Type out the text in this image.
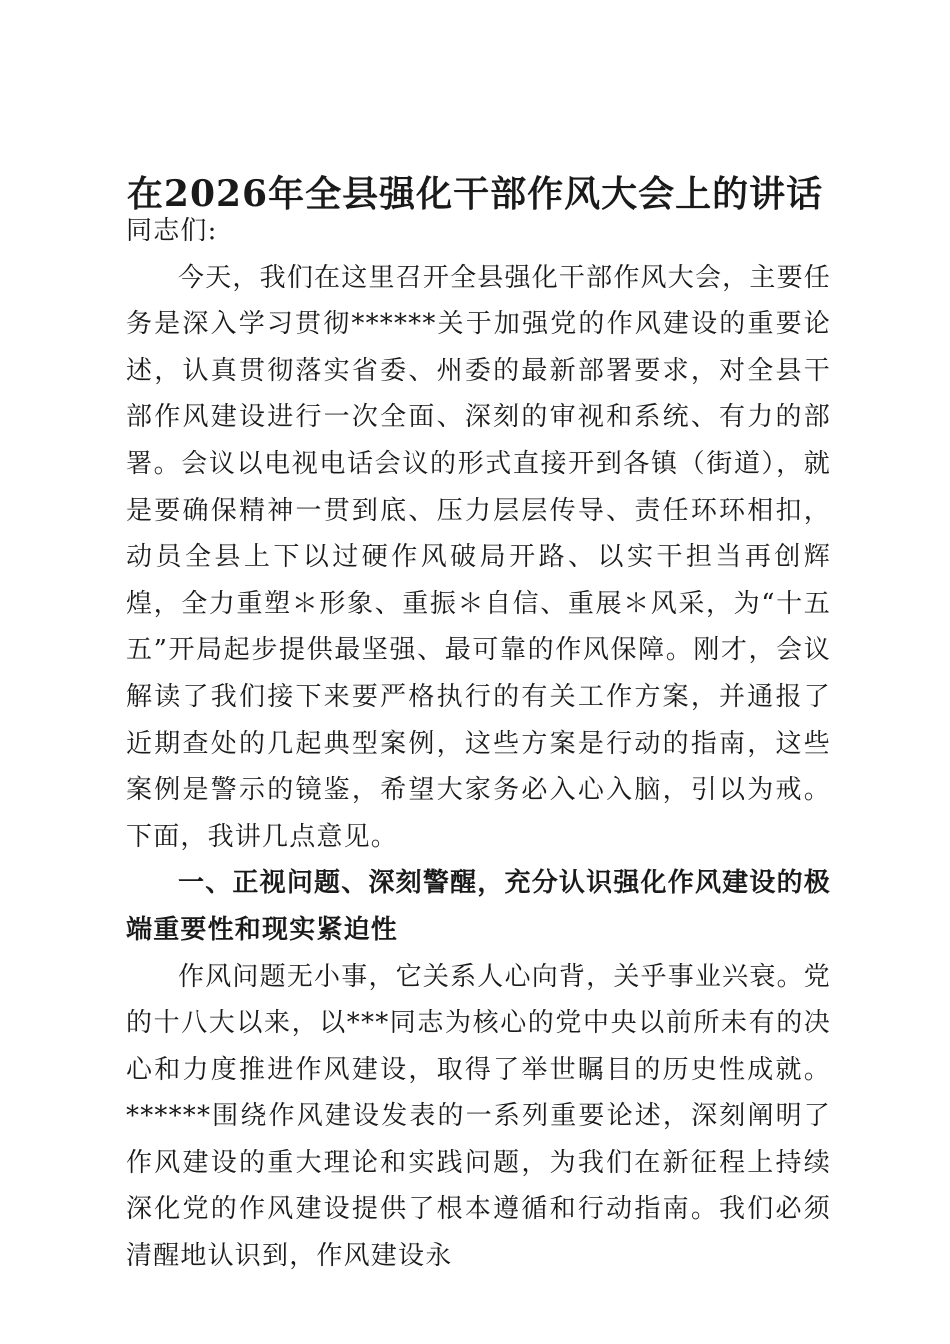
在2026年全县强化干部作风大会上的讲话

同志们:

今天，我们在这里召开全县强化干部作风大会，主要任务是深入学习贯彻******关于加强党的作风建设的重要论述，认真贯彻落实省委、州委的最新部署要求，对全县干部作风建设进行一次全面、深刻的审视和系统、有力的部署。会议以电视电话会议的形式直接开到各镇（街道），就是要确保精神一贯到底、压力层层传导、责任环环相扣，动员全县上下以过硬作风破局开路、以实干担当再创辉煌，全力重塑＊形象、重振＊自信、重展＊风采，为“十五五”开局起步提供最坚强、最可靠的作风保障。刚才，会议解读了我们接下来要严格执行的有关工作方案，并通报了近期查处的几起典型案例，这些方案是行动的指南，这些案例是警示的镜鉴，希望大家务必入心入脑，引以为戒。下面，我讲几点意见。

一、正视问题、深刻警醒，充分认识强化作风建设的极端重要性和现实紧迫性

作风问题无小事，它关系人心向背，关乎事业兴衰。党的十八大以来，以***同志为核心的党中央以前所未有的决心和力度推进作风建设，取得了举世瞩目的历史性成就。******围绕作风建设发表的一系列重要论述，深刻阐明了作风建设的重大理论和实践问题，为我们在新征程上持续深化党的作风建设提供了根本遵循和行动指南。我们必须清醒地认识到，作风建设永
